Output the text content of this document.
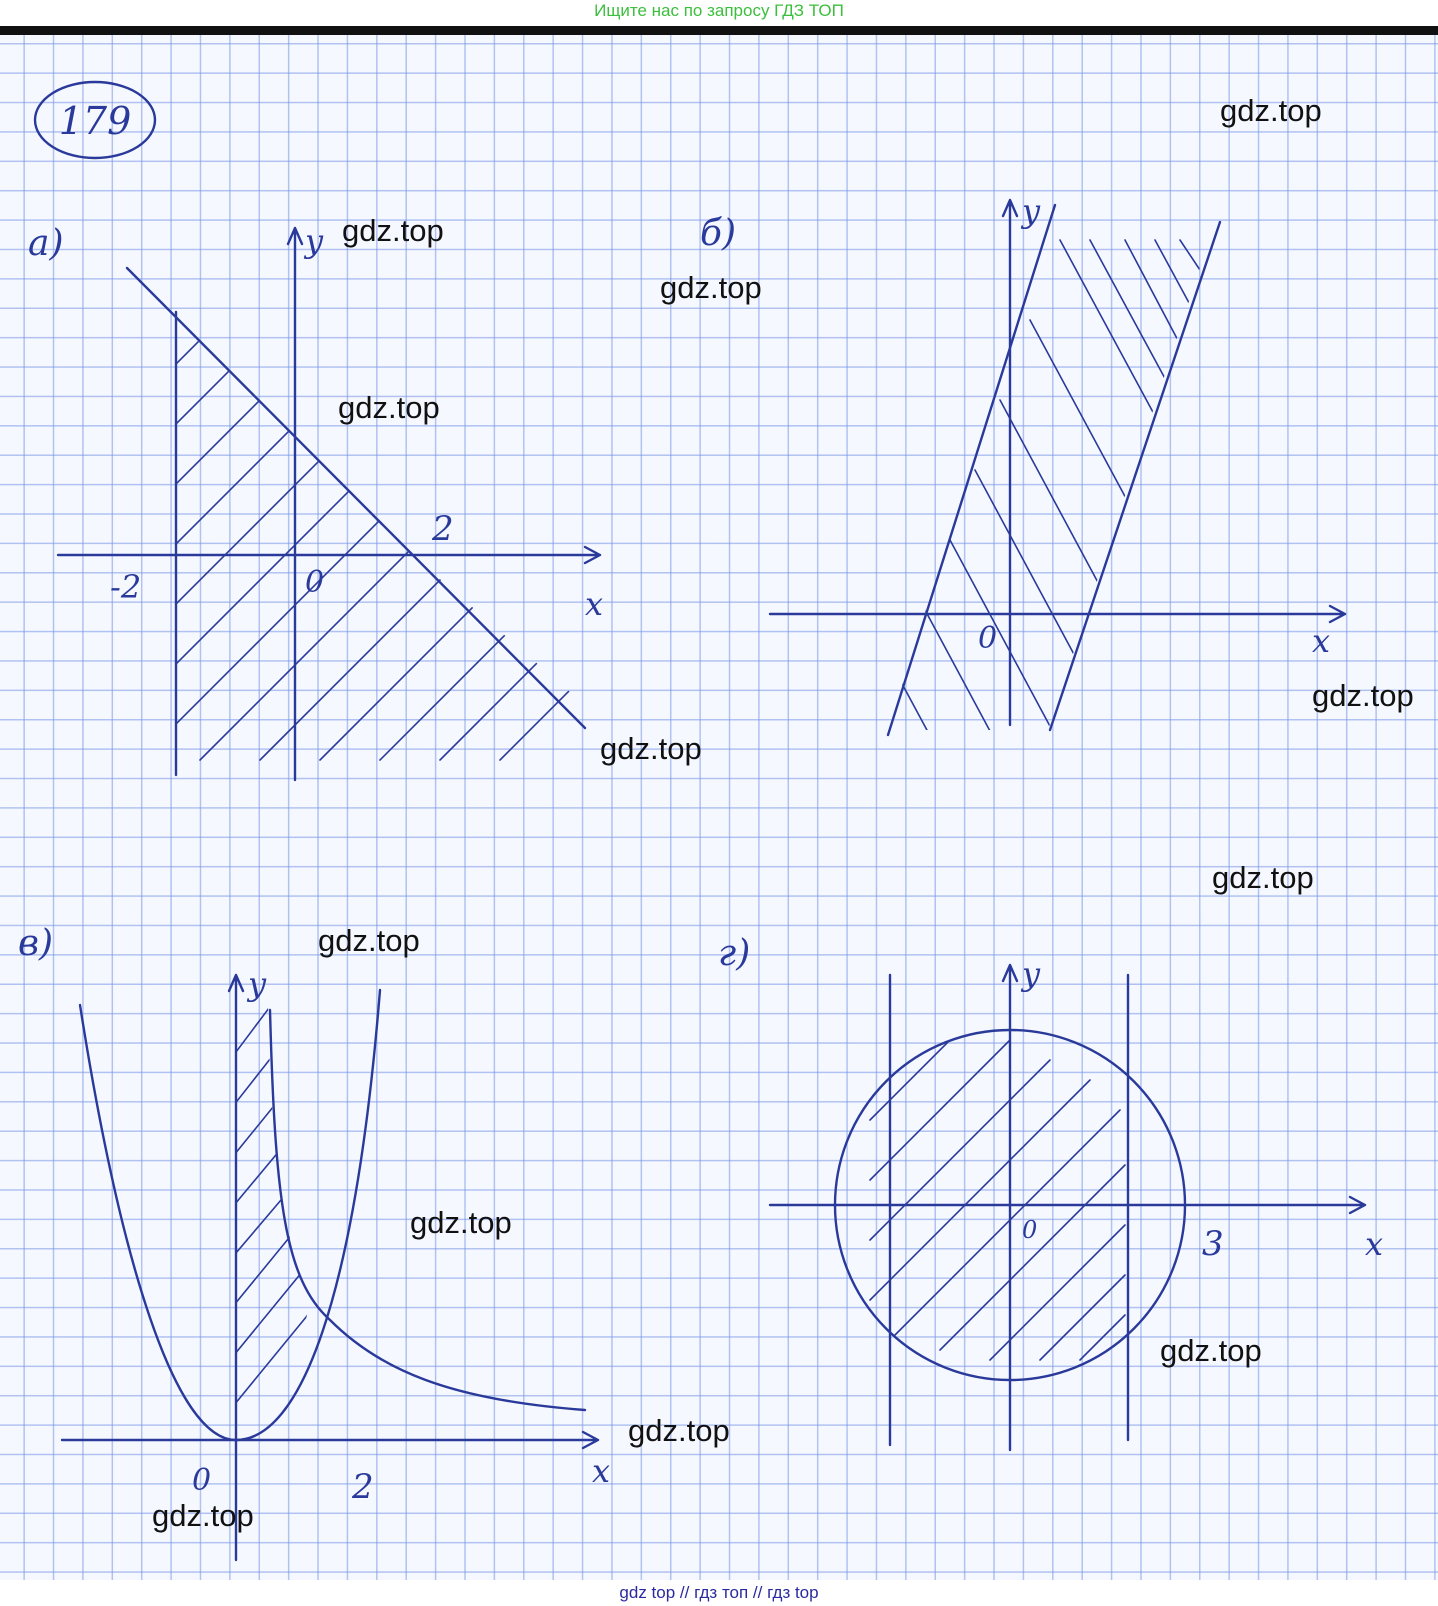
Ищите нас по запросу ГДЗ ТОП
179
а)	y
x
0
-2
2
б)
y
x
0
в)
y
x
0	2
г)	y
x
0	3
gdz.top
gdz.top
gdz.top
gdz.top
gdz.top
gdz.top
gdz.top
gdz.top
gdz.top
gdz.top
gdz.top
gdz.top
gdz top // гдз топ // гдз top
